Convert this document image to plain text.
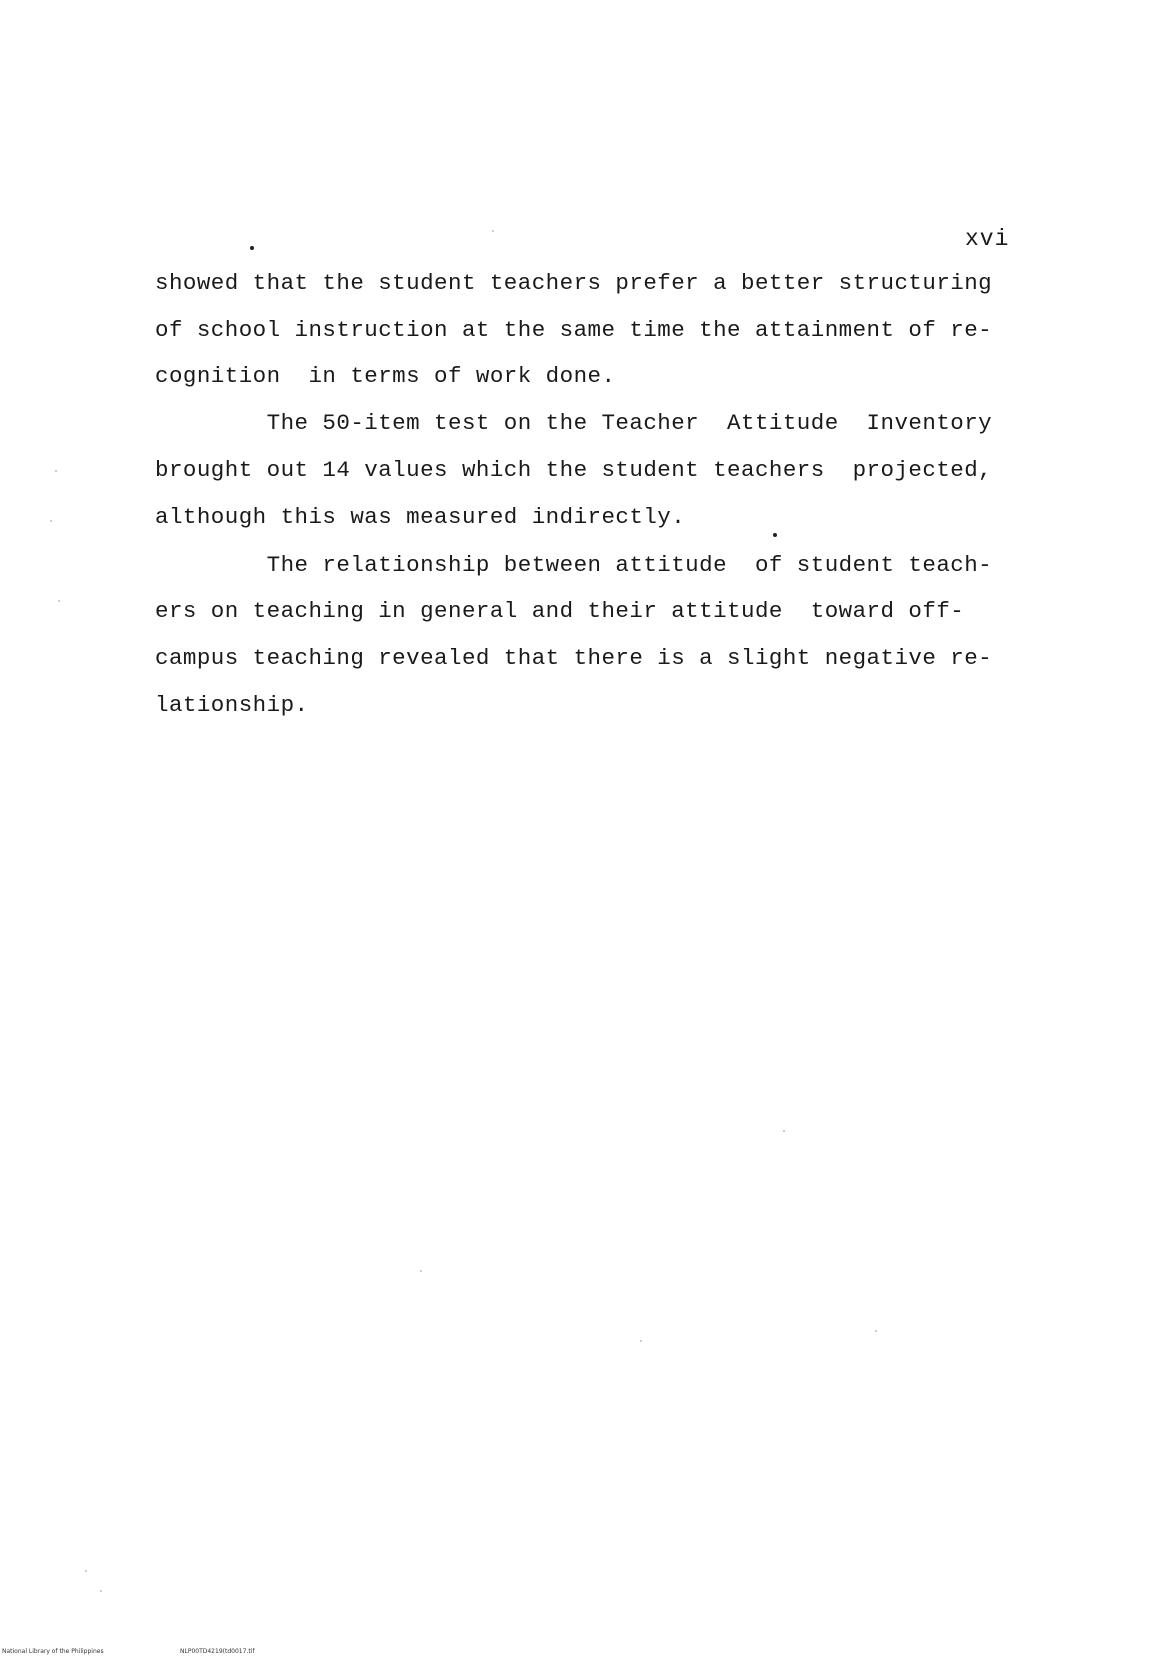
xvi
showed that the student teachers prefer a better structuring
of school instruction at the same time the attainment of re-
cognition  in terms of work done.
The 50-item test on the Teacher  Attitude  Inventory
brought out 14 values which the student teachers  projected,
although this was measured indirectly.
The relationship between attitude  of student teach-
ers on teaching in general and their attitude  toward off-
campus teaching revealed that there is a slight negative re-
lationship.
National Library of the Philippines	NLP00TD4219(td0017.tif
